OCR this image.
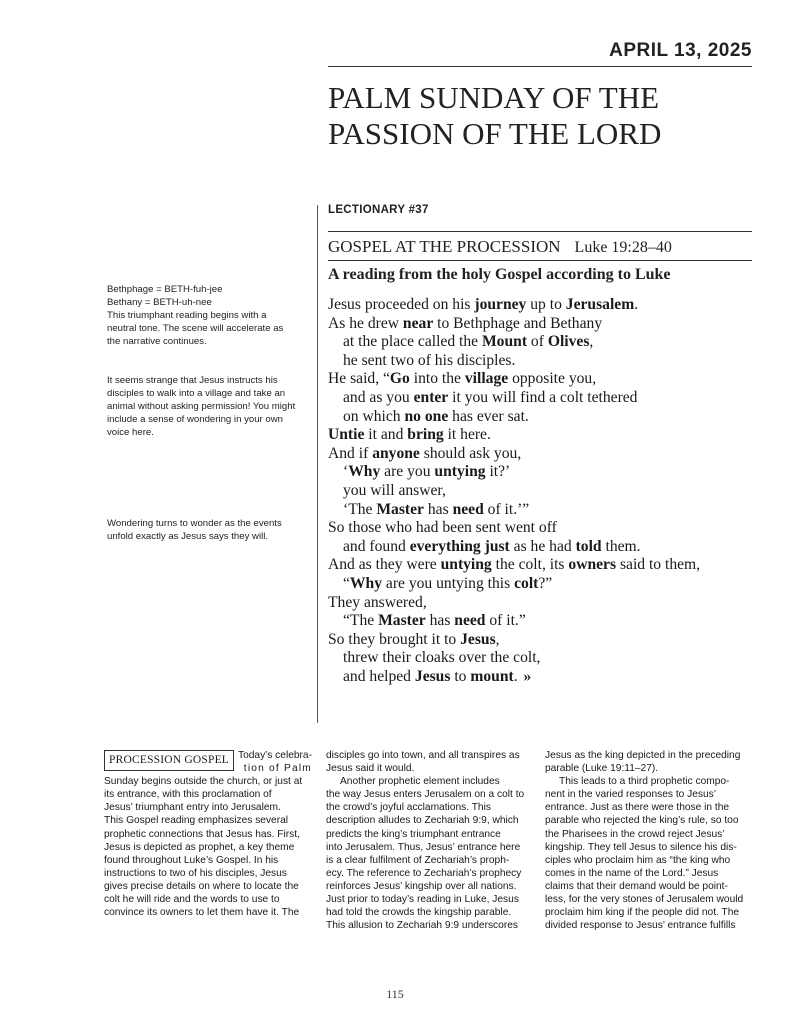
APRIL 13, 2025
PALM SUNDAY OF THE
PASSION OF THE LORD
LECTIONARY #37
GOSPEL AT THE PROCESSION Luke 19:28–40
A reading from the holy Gospel according to Luke
Jesus proceeded on his journey up to Jerusalem.
As he drew near to Bethphage and Bethany
at the place called the Mount of Olives,
he sent two of his disciples.
He said, “Go into the village opposite you,
and as you enter it you will find a colt tethered
on which no one has ever sat.
Untie it and bring it here.
And if anyone should ask you,
‘Why are you untying it?’
you will answer,
‘The Master has need of it.’”
So those who had been sent went off
and found everything just as he had told them.
And as they were untying the colt, its owners said to them,
“Why are you untying this colt?”
They answered,
“The Master has need of it.”
So they brought it to Jesus,
threw their cloaks over the colt,
and helped Jesus to mount. »
Bethphage = BETH-fuh-jee
Bethany = BETH-uh-nee
This triumphant reading begins with a
neutral tone. The scene will accelerate as
the narrative continues.
It seems strange that Jesus instructs his
disciples to walk into a village and take an
animal without asking permission! You might
include a sense of wondering in your own
voice here.
Wondering turns to wonder as the events
unfold exactly as Jesus says they will.
PROCESSION GOSPEL Today’s celebra-
tion of Palm
Sunday begins outside the church, or just at
its entrance, with this proclamation of
Jesus’ triumphant entry into Jerusalem.
This Gospel reading emphasizes several
prophetic connections that Jesus has. First,
Jesus is depicted as prophet, a key theme
found throughout Luke’s Gospel. In his
instructions to two of his disciples, Jesus
gives precise details on where to locate the
colt he will ride and the words to use to
convince its owners to let them have it. The
disciples go into town, and all transpires as
Jesus said it would.
Another prophetic element includes
the way Jesus enters Jerusalem on a colt to
the crowd’s joyful acclamations. This
description alludes to Zechariah 9:9, which
predicts the king’s triumphant entrance
into Jerusalem. Thus, Jesus’ entrance here
is a clear fulfilment of Zechariah’s proph-
ecy. The reference to Zechariah’s prophecy
reinforces Jesus’ kingship over all nations.
Just prior to today’s reading in Luke, Jesus
had told the crowds the kingship parable.
This allusion to Zechariah 9:9 underscores
Jesus as the king depicted in the preceding
parable (Luke 19:11–27).
This leads to a third prophetic compo-
nent in the varied responses to Jesus’
entrance. Just as there were those in the
parable who rejected the king’s rule, so too
the Pharisees in the crowd reject Jesus’
kingship. They tell Jesus to silence his dis-
ciples who proclaim him as “the king who
comes in the name of the Lord.” Jesus
claims that their demand would be point-
less, for the very stones of Jerusalem would
proclaim him king if the people did not. The
divided response to Jesus’ entrance fulfills
115
